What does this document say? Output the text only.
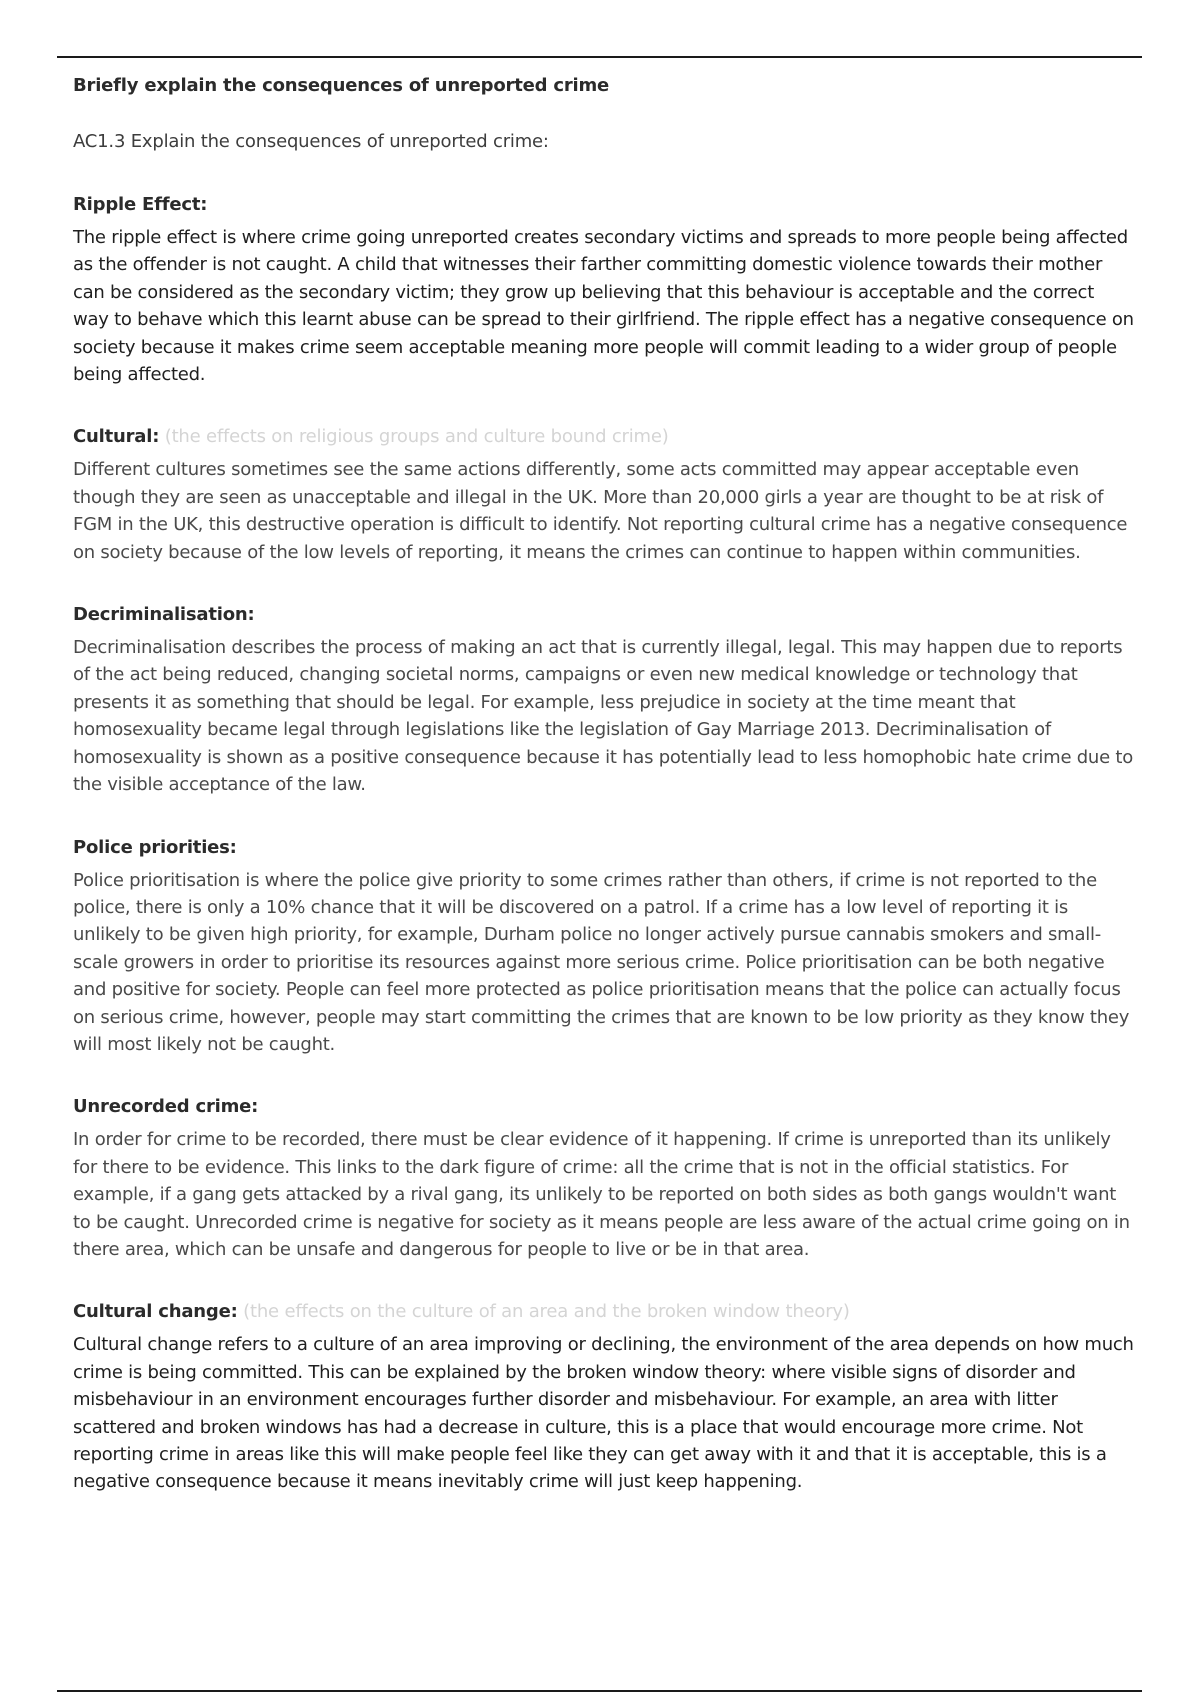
Briefly explain the consequences of unreported crime

AC1.3 Explain the consequences of unreported crime:

Ripple Effect:

The ripple effect is where crime going unreported creates secondary victims and spreads to more people being affected as the offender is not caught. A child that witnesses their farther committing domestic violence towards their mother can be considered as the secondary victim; they grow up believing that this behaviour is acceptable and the correct way to behave which this learnt abuse can be spread to their girlfriend. The ripple effect has a negative consequence on society because it makes crime seem acceptable meaning more people will commit leading to a wider group of people being affected.

Cultural: (the effects on religious groups and culture bound crime)

Different cultures sometimes see the same actions differently, some acts committed may appear acceptable even though they are seen as unacceptable and illegal in the UK. More than 20,000 girls a year are thought to be at risk of FGM in the UK, this destructive operation is difficult to identify. Not reporting cultural crime has a negative consequence on society because of the low levels of reporting, it means the crimes can continue to happen within communities.

Decriminalisation:

Decriminalisation describes the process of making an act that is currently illegal, legal. This may happen due to reports of the act being reduced, changing societal norms, campaigns or even new medical knowledge or technology that presents it as something that should be legal. For example, less prejudice in society at the time meant that homosexuality became legal through legislations like the legislation of Gay Marriage 2013. Decriminalisation of homosexuality is shown as a positive consequence because it has potentially lead to less homophobic hate crime due to the visible acceptance of the law.

Police priorities:

Police prioritisation is where the police give priority to some crimes rather than others, if crime is not reported to the police, there is only a 10% chance that it will be discovered on a patrol. If a crime has a low level of reporting it is unlikely to be given high priority, for example, Durham police no longer actively pursue cannabis smokers and small-scale growers in order to prioritise its resources against more serious crime. Police prioritisation can be both negative and positive for society. People can feel more protected as police prioritisation means that the police can actually focus on serious crime, however, people may start committing the crimes that are known to be low priority as they know they will most likely not be caught.

Unrecorded crime:

In order for crime to be recorded, there must be clear evidence of it happening. If crime is unreported than its unlikely for there to be evidence. This links to the dark figure of crime: all the crime that is not in the official statistics. For example, if a gang gets attacked by a rival gang, its unlikely to be reported on both sides as both gangs wouldn't want to be caught. Unrecorded crime is negative for society as it means people are less aware of the actual crime going on in there area, which can be unsafe and dangerous for people to live or be in that area.

Cultural change: (the effects on the culture of an area and the broken window theory)

Cultural change refers to a culture of an area improving or declining, the environment of the area depends on how much crime is being committed. This can be explained by the broken window theory: where visible signs of disorder and misbehaviour in an environment encourages further disorder and misbehaviour. For example, an area with litter scattered and broken windows has had a decrease in culture, this is a place that would encourage more crime. Not reporting crime in areas like this will make people feel like they can get away with it and that it is acceptable, this is a negative consequence because it means inevitably crime will just keep happening.
